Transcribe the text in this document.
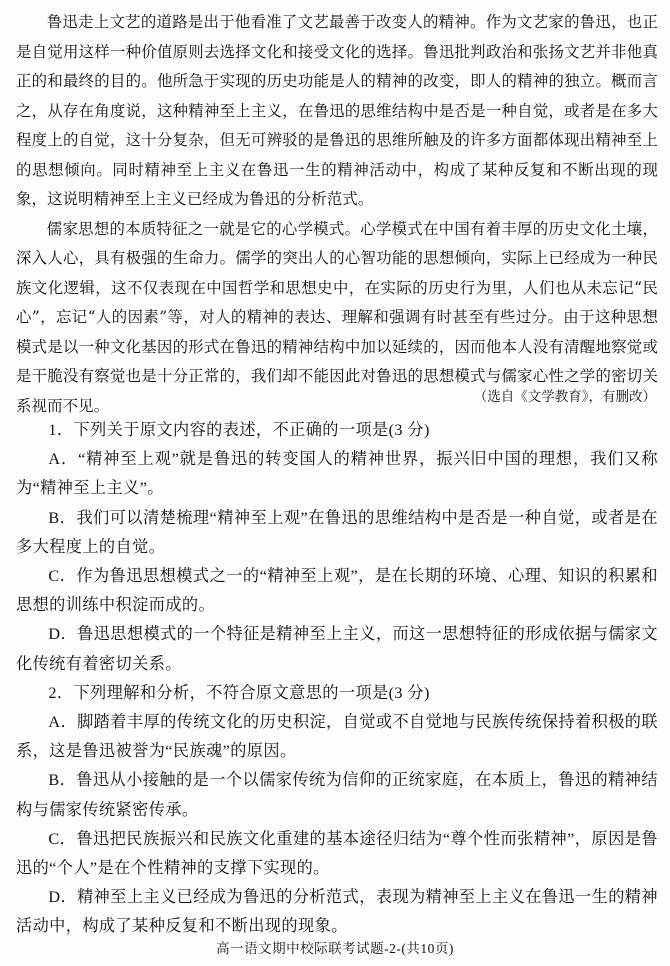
鲁迅走上文艺的道路是出于他看准了文艺最善于改变人的精神。作为文艺家的鲁迅，也正是自觉用这样一种价值原则去选择文化和接受文化的选择。鲁迅批判政治和张扬文艺并非他真正的和最终的目的。他所急于实现的历史功能是人的精神的改变，即人的精神的独立。概而言之，从存在角度说，这种精神至上主义，在鲁迅的思维结构中是否是一种自觉，或者是在多大程度上的自觉，这十分复杂，但无可辨驳的是鲁迅的思维所触及的许多方面都体现出精神至上的思想倾向。同时精神至上主义在鲁迅一生的精神活动中，构成了某种反复和不断出现的现象，这说明精神至上主义已经成为鲁迅的分析范式。

儒家思想的本质特征之一就是它的心学模式。心学模式在中国有着丰厚的历史文化土壤，深入人心，具有极强的生命力。儒学的突出人的心智功能的思想倾向，实际上已经成为一种民族文化逻辑，这不仅表现在中国哲学和思想史中，在实际的历史行为里，人们也从未忘记“民心”，忘记“人的因素”等，对人的精神的表达、理解和强调有时甚至有些过分。由于这种思想模式是以一种文化基因的形式在鲁迅的精神结构中加以延续的，因而他本人没有清醒地察觉或是干脆没有察觉也是十分正常的，我们却不能因此对鲁迅的思想模式与儒家心性之学的密切关系视而不见。	（选自《文学教育》，有删改）

1．下列关于原文内容的表述，不正确的一项是(3 分)

A．“精神至上观”就是鲁迅的转变国人的精神世界，振兴旧中国的理想，我们又称为“精神至上主义”。

B．我们可以清楚梳理“精神至上观”在鲁迅的思维结构中是否是一种自觉，或者是在多大程度上的自觉。

C．作为鲁迅思想模式之一的“精神至上观”，是在长期的环境、心理、知识的积累和思想的训练中积淀而成的。

D．鲁迅思想模式的一个特征是精神至上主义，而这一思想特征的形成依据与儒家文化传统有着密切关系。

2．下列理解和分析，不符合原文意思的一项是(3 分)

A．脚踏着丰厚的传统文化的历史积淀，自觉或不自觉地与民族传统保持着积极的联系，这是鲁迅被誉为“民族魂”的原因。

B．鲁迅从小接触的是一个以儒家传统为信仰的正统家庭，在本质上，鲁迅的精神结构与儒家传统紧密传承。

C．鲁迅把民族振兴和民族文化重建的基本途径归结为“尊个性而张精神”，原因是鲁迅的“个人”是在个性精神的支撑下实现的。

D．精神至上主义已经成为鲁迅的分析范式，表现为精神至上主义在鲁迅一生的精神活动中，构成了某种反复和不断出现的现象。

高一语文期中校际联考试题-2-(共10页)
